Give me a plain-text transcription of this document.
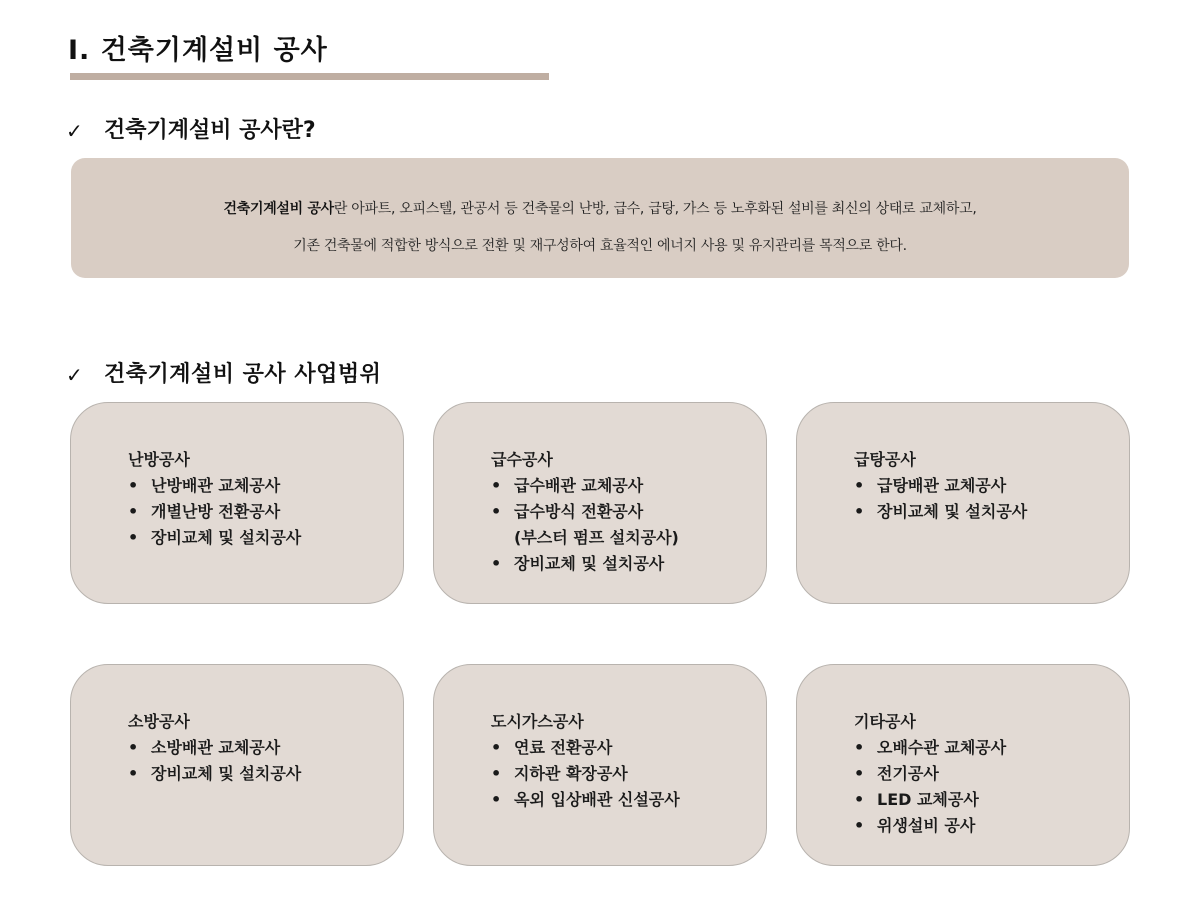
Ⅰ. 건축기계설비 공사
✓ 건축기계설비 공사란?
건축기계설비 공사란 아파트, 오피스텔, 관공서 등 건축물의 난방, 급수, 급탕, 가스 등 노후화된 설비를 최신의 상태로 교체하고,
기존 건축물에 적합한 방식으로 전환 및 재구성하여 효율적인 에너지 사용 및 유지관리를 목적으로 한다.
✓ 건축기계설비 공사 사업범위
난방공사
• 난방배관 교체공사
• 개별난방 전환공사
• 장비교체 및 설치공사
급수공사
• 급수배관 교체공사
• 급수방식 전환공사
(부스터 펌프 설치공사)
• 장비교체 및 설치공사
급탕공사
• 급탕배관 교체공사
• 장비교체 및 설치공사
소방공사
• 소방배관 교체공사
• 장비교체 및 설치공사
도시가스공사
• 연료 전환공사
• 지하관 확장공사
• 옥외 입상배관 신설공사
기타공사
• 오배수관 교체공사
• 전기공사
• LED 교체공사
• 위생설비 공사
